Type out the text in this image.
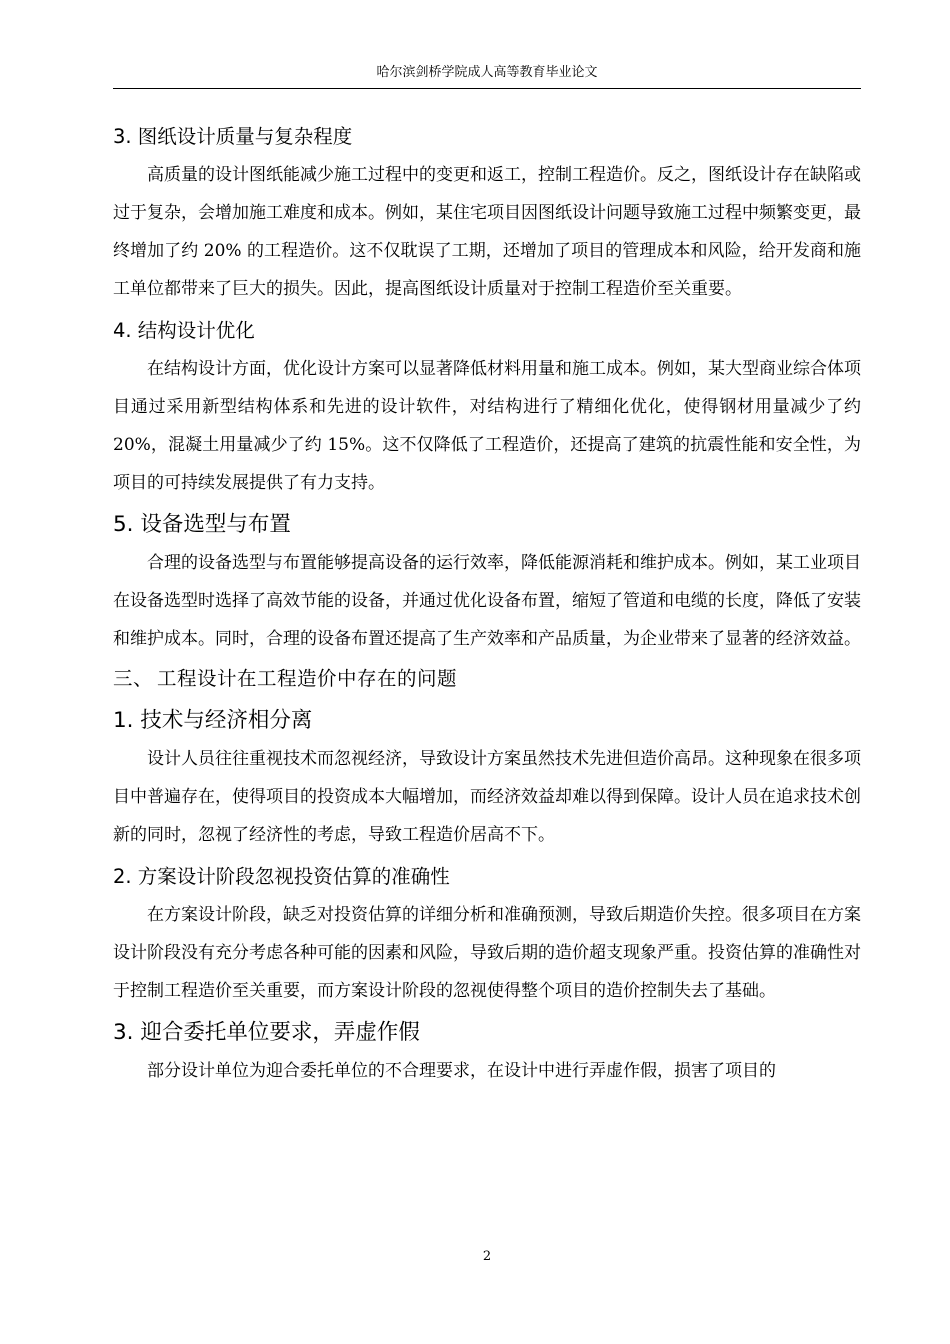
哈尔滨剑桥学院成人高等教育毕业论文
3. 图纸设计质量与复杂程度

高质量的设计图纸能减少施工过程中的变更和返工，控制工程造价。反之，图纸设计存在缺陷或过于复杂，会增加施工难度和成本。例如，某住宅项目因图纸设计问题导致施工过程中频繁变更，最终增加了约 20% 的工程造价。这不仅耽误了工期，还增加了项目的管理成本和风险，给开发商和施工单位都带来了巨大的损失。因此，提高图纸设计质量对于控制工程造价至关重要。

4. 结构设计优化

在结构设计方面，优化设计方案可以显著降低材料用量和施工成本。例如，某大型商业综合体项目通过采用新型结构体系和先进的设计软件，对结构进行了精细化优化，使得钢材用量减少了约 20%，混凝土用量减少了约 15%。这不仅降低了工程造价，还提高了建筑的抗震性能和安全性，为项目的可持续发展提供了有力支持。

5. 设备选型与布置

合理的设备选型与布置能够提高设备的运行效率，降低能源消耗和维护成本。例如，某工业项目在设备选型时选择了高效节能的设备，并通过优化设备布置，缩短了管道和电缆的长度，降低了安装和维护成本。同时，合理的设备布置还提高了生产效率和产品质量，为企业带来了显著的经济效益。

三、 工程设计在工程造价中存在的问题
1. 技术与经济相分离

设计人员往往重视技术而忽视经济，导致设计方案虽然技术先进但造价高昂。这种现象在很多项目中普遍存在，使得项目的投资成本大幅增加，而经济效益却难以得到保障。设计人员在追求技术创新的同时，忽视了经济性的考虑，导致工程造价居高不下。

2. 方案设计阶段忽视投资估算的准确性

在方案设计阶段，缺乏对投资估算的详细分析和准确预测，导致后期造价失控。很多项目在方案设计阶段没有充分考虑各种可能的因素和风险，导致后期的造价超支现象严重。投资估算的准确性对于控制工程造价至关重要，而方案设计阶段的忽视使得整个项目的造价控制失去了基础。

3. 迎合委托单位要求，弄虚作假

部分设计单位为迎合委托单位的不合理要求，在设计中进行弄虚作假，损害了项目的

2
